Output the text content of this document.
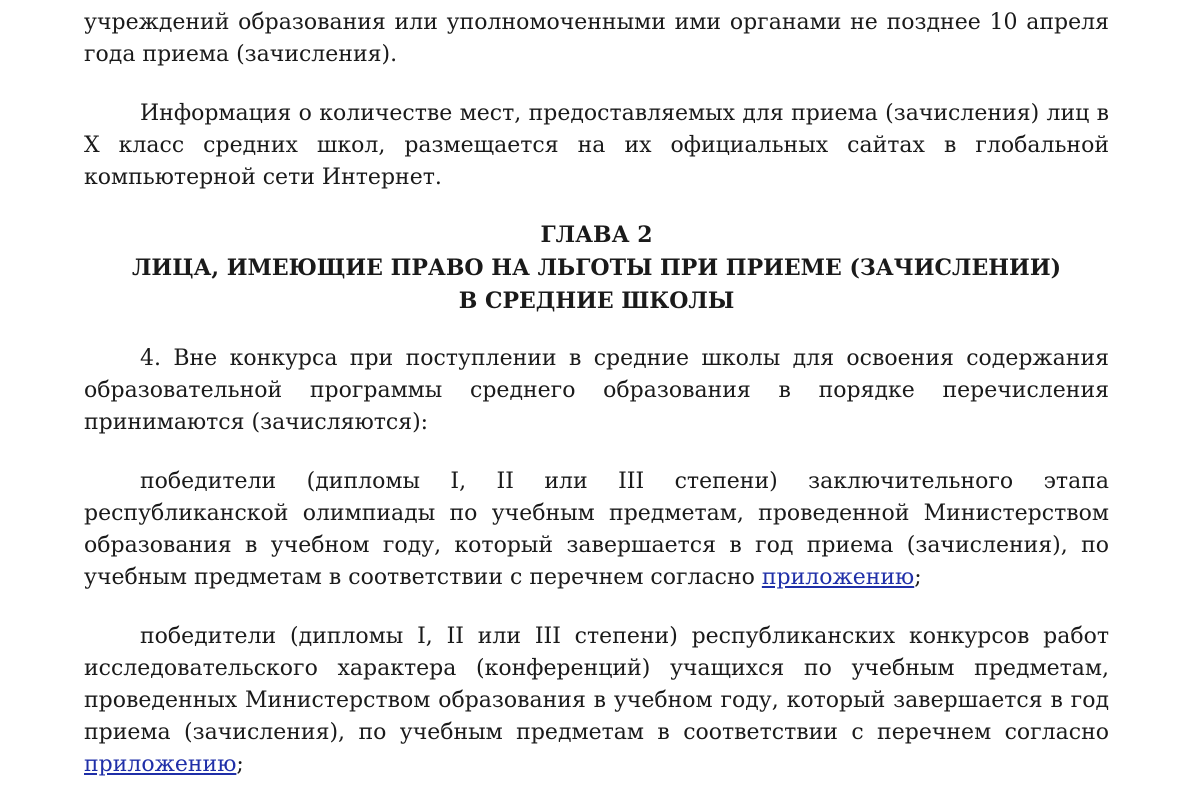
учреждений образования или уполномоченными ими органами не позднее 10 апреля года приема (зачисления).

Информация о количестве мест, предоставляемых для приема (зачисления) лиц в X класс средних школ, размещается на их официальных сайтах в глобальной компьютерной сети Интернет.

ГЛАВА 2
ЛИЦА, ИМЕЮЩИЕ ПРАВО НА ЛЬГОТЫ ПРИ ПРИЕМЕ (ЗАЧИСЛЕНИИ)
В СРЕДНИЕ ШКОЛЫ

4. Вне конкурса при поступлении в средние школы для освоения содержания образовательной программы среднего образования в порядке перечисления принимаются (зачисляются):

победители (дипломы I, II или III степени) заключительного этапа республиканской олимпиады по учебным предметам, проведенной Министерством образования в учебном году, который завершается в год приема (зачисления), по учебным предметам в соответствии с перечнем согласно приложению;

победители (дипломы I, II или III степени) республиканских конкурсов работ исследовательского характера (конференций) учащихся по учебным предметам, проведенных Министерством образования в учебном году, который завершается в год приема (зачисления), по учебным предметам в соответствии с перечнем согласно приложению;
